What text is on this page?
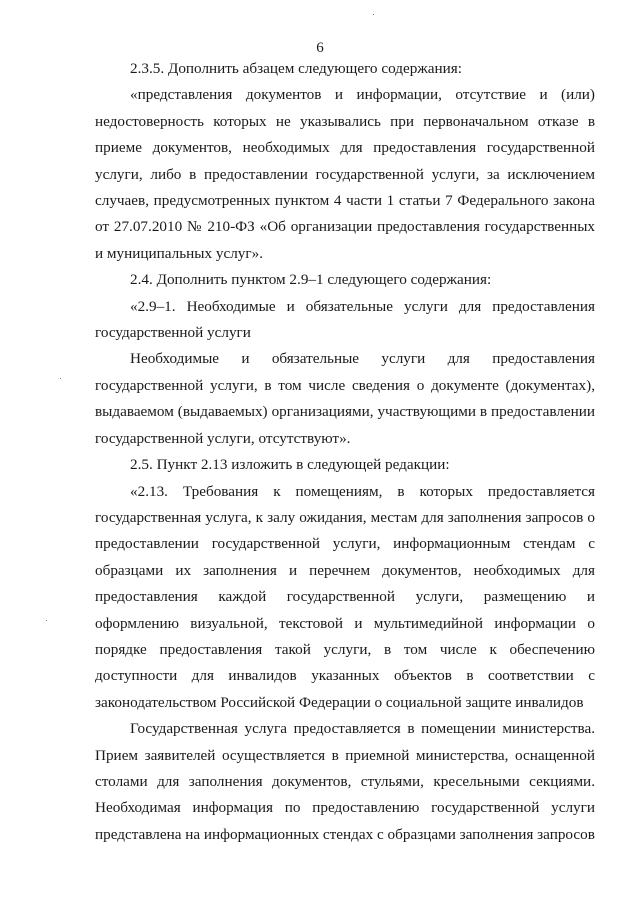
6

2.3.5. Дополнить абзацем следующего содержания:

«представления документов и информации, отсутствие и (или) недостоверность которых не указывались при первоначальном отказе в приеме документов, необходимых для предоставления государственной услуги, либо в предоставлении государственной услуги, за исключением случаев, предусмотренных пунктом 4 части 1 статьи 7 Федерального закона от 27.07.2010 № 210-ФЗ «Об организации предоставления государственных и муниципальных услуг».

2.4. Дополнить пунктом 2.9–1 следующего содержания:

«2.9–1. Необходимые и обязательные услуги для предоставления государственной услуги

Необходимые и обязательные услуги для предоставления государственной услуги, в том числе сведения о документе (документах), выдаваемом (выдаваемых) организациями, участвующими в предоставлении государственной услуги, отсутствуют».

2.5. Пункт 2.13 изложить в следующей редакции:

«2.13. Требования к помещениям, в которых предоставляется государственная услуга, к залу ожидания, местам для заполнения запросов о предоставлении государственной услуги, информационным стендам с образцами их заполнения и перечнем документов, необходимых для предоставления каждой государственной услуги, размещению и оформлению визуальной, текстовой и мультимедийной информации о порядке предоставления такой услуги, в том числе к обеспечению доступности для инвалидов указанных объектов в соответствии с законодательством Российской Федерации о социальной защите инвалидов

Государственная услуга предоставляется в помещении министерства. Прием заявителей осуществляется в приемной министерства, оснащенной столами для заполнения документов, стульями, кресельными секциями. Необходимая информация по предоставлению государственной услуги представлена на информационных стендах с образцами заполнения запросов
